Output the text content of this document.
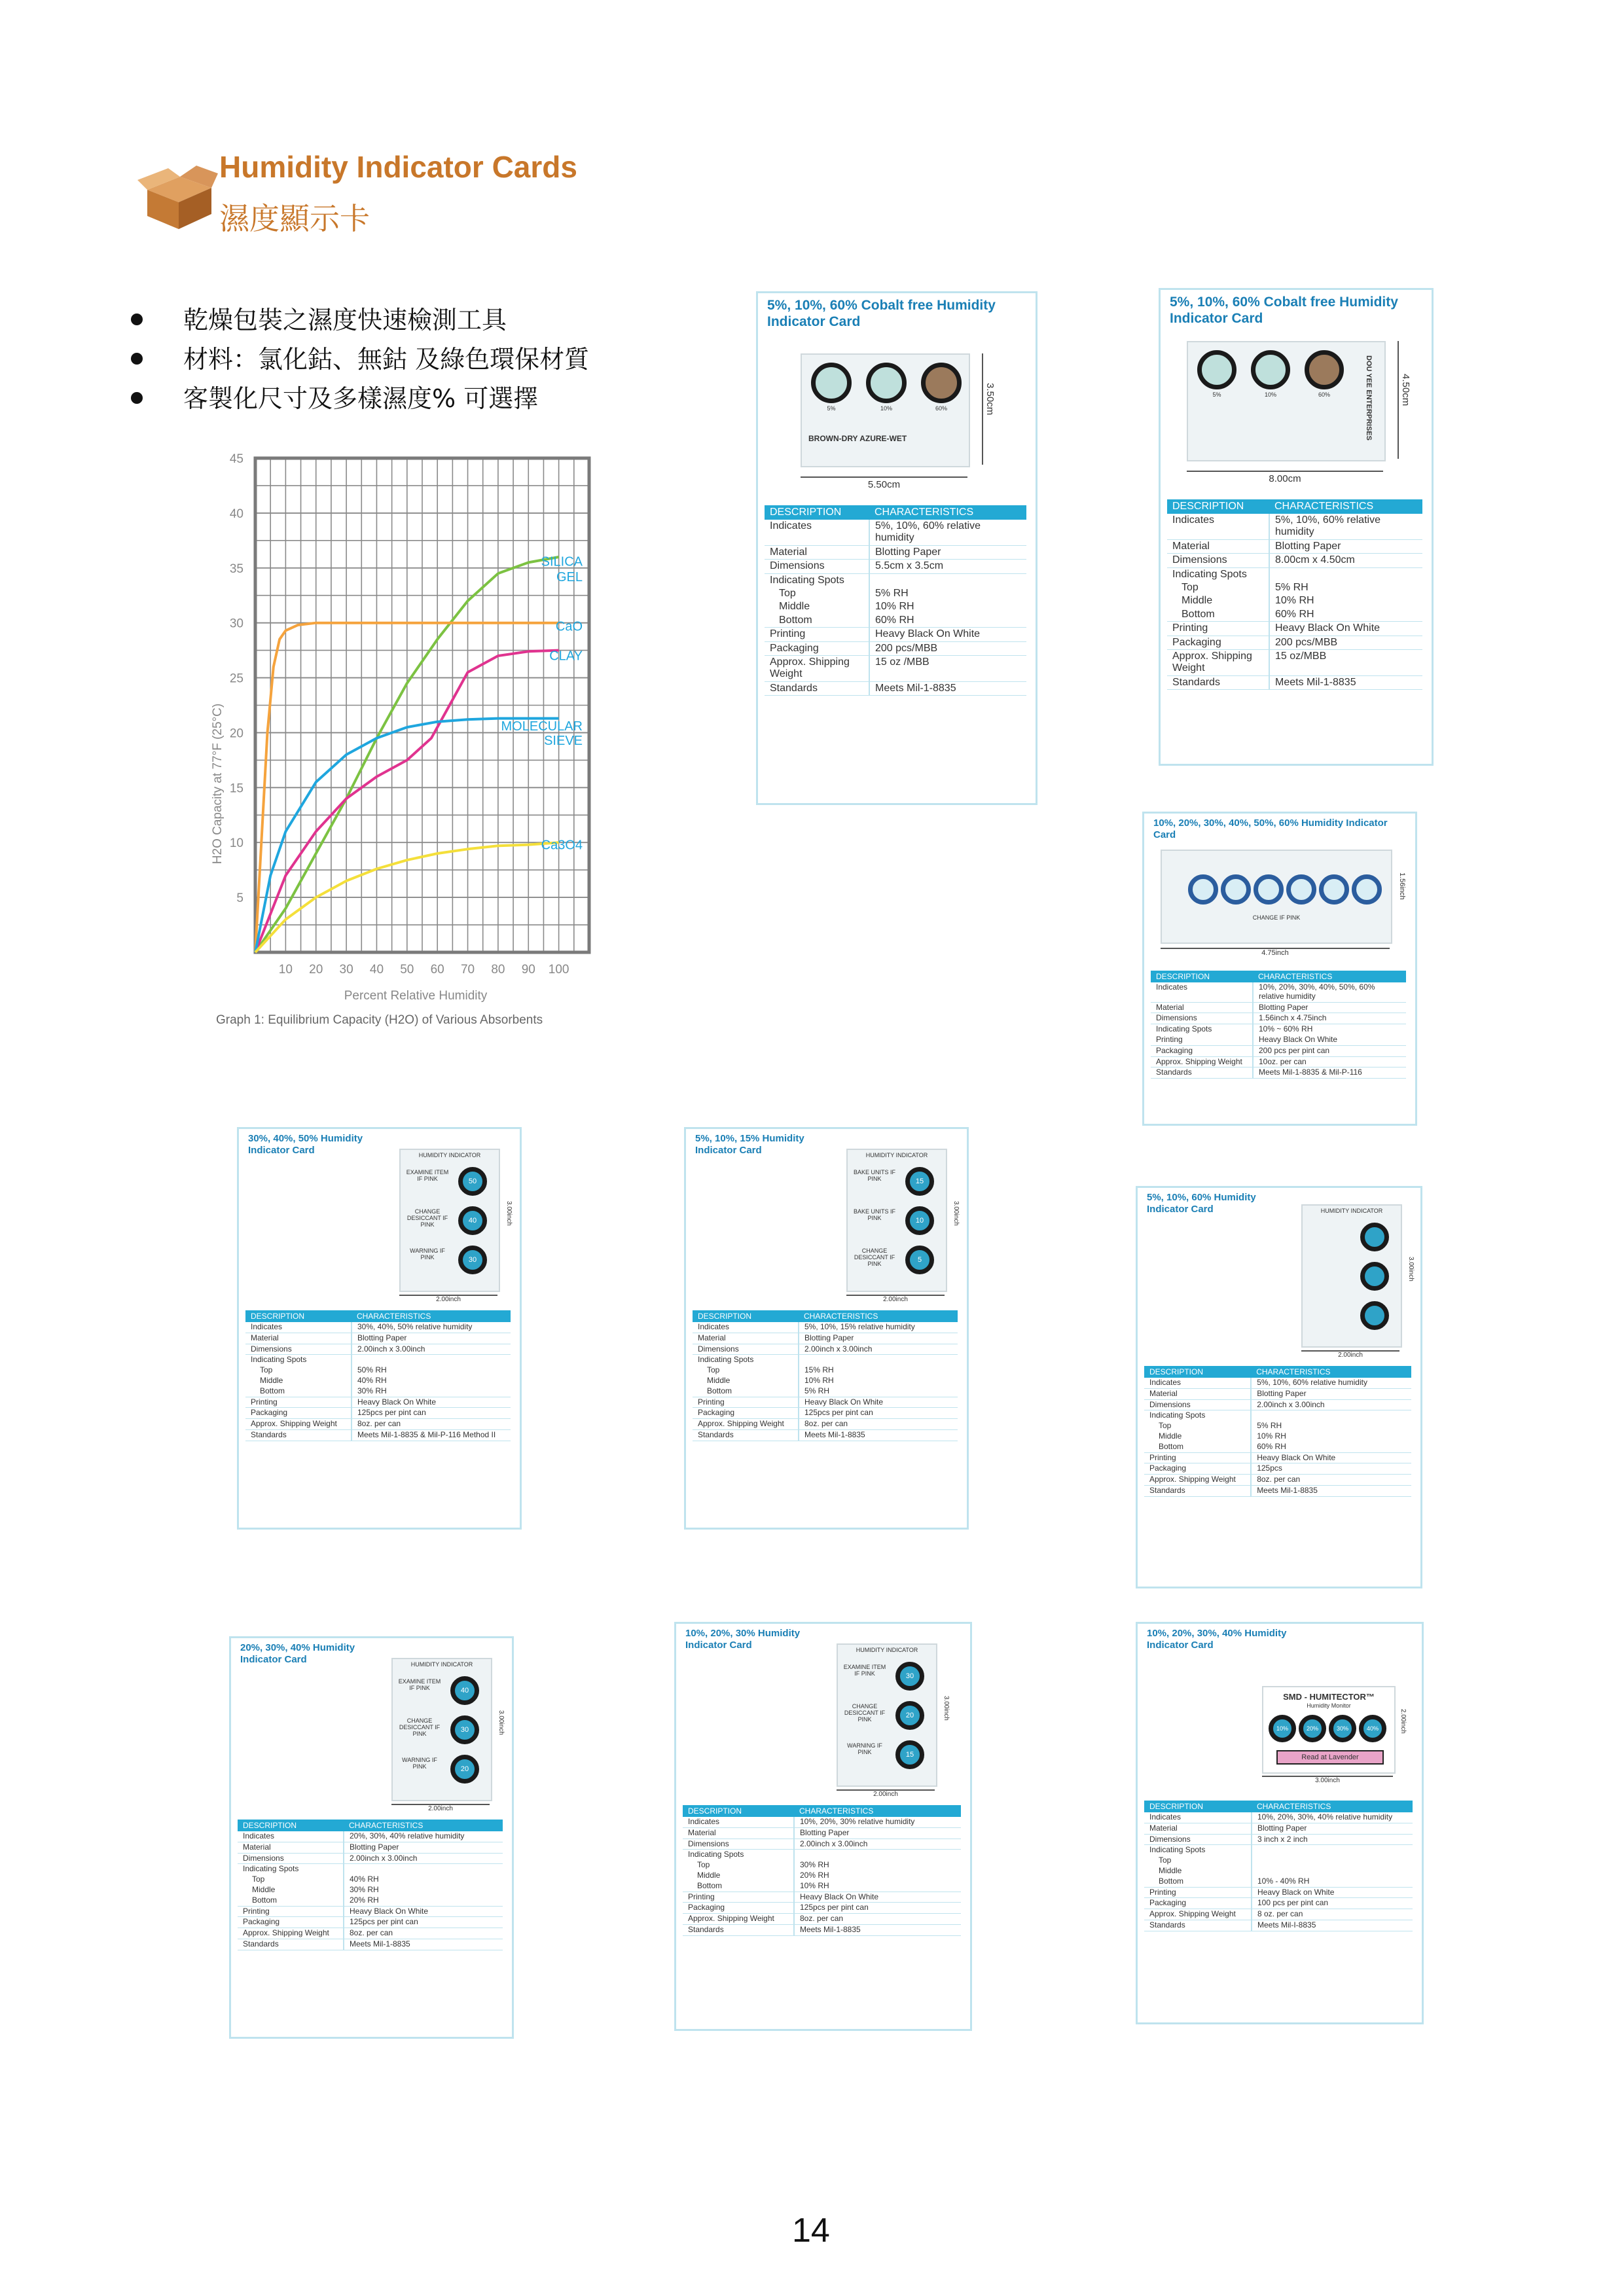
Humidity Indicator Cards
濕度顯示卡
乾燥包裝之濕度快速檢測工具
材料：氯化鈷、無鈷 及綠色環保材質
客製化尺寸及多樣濕度% 可選擇
5
10
15
20
25
30
35
40
45
10 20 30 40 50 60 70 80 90 100
Percent Relative Humidity
H2O Capacity at 77°F (25°C)
SILICA
GEL
CaO
CLAY
MOLECULAR
SIEVE
Ca3O4
Graph 1: Equilibrium Capacity (H2O) of Various Absorbents
5%, 10%, 60% Cobalt free Humidity Indicator Card
5%	10%	60%
BROWN-DRY AZURE-WET
5.50cm
3.50cm
DESCRIPTION	CHARACTERISTICS
Indicates	5%, 10%, 60% relative humidity
Material	Blotting Paper
Dimensions	5.5cm x 3.5cm
Indicating Spots	
Top	5% RH
Middle	10% RH
Bottom	60% RH
Printing	Heavy Black On White
Packaging	200 pcs/MBB
Approx. Shipping Weight	15 oz /MBB
Standards	Meets Mil-1-8835
5%, 10%, 60% Cobalt free Humidity Indicator Card
5%	10%	60%	DOU YEE ENTERPRISES
8.00cm
4.50cm
DESCRIPTION	CHARACTERISTICS
Indicates	5%, 10%, 60% relative humidity
Material	Blotting Paper
Dimensions	8.00cm x 4.50cm
Indicating Spots	
Top	5% RH
Middle	10% RH
Bottom	60% RH
Printing	Heavy Black On White
Packaging	200 pcs/MBB
Approx. Shipping Weight	15 oz/MBB
Standards	Meets Mil-1-8835
10%, 20%, 30%, 40%, 50%, 60% Humidity Indicator Card
CHANGE IF PINK
4.75inch
1.56inch
DESCRIPTION	CHARACTERISTICS
Indicates	10%, 20%, 30%, 40%, 50%, 60% relative humidity
Material	Blotting Paper
Dimensions	1.56inch x 4.75inch
Indicating Spots	10% ~ 60% RH
Printing	Heavy Black On White
Packaging	200 pcs per pint can
Approx. Shipping Weight	10oz. per can
Standards	Meets Mil-1-8835 & Mil-P-116
30%, 40%, 50% Humidity Indicator Card	HUMIDITY INDICATOR
50
EXAMINE ITEM IF PINK
40
CHANGE DESICCANT IF PINK
30
WARNING IF PINK
2.00inch
3.00inch
DESCRIPTION	CHARACTERISTICS
Indicates	30%, 40%, 50% relative humidity
Material	Blotting Paper
Dimensions	2.00inch x 3.00inch
Indicating Spots	
Top	50% RH
Middle	40% RH
Bottom	30% RH
Printing	Heavy Black On White
Packaging	125pcs per pint can
Approx. Shipping Weight	8oz. per can
Standards	Meets Mil-1-8835 & Mil-P-116 Method II
5%, 10%, 15% Humidity Indicator Card	HUMIDITY INDICATOR
15
BAKE UNITS IF PINK
10
BAKE UNITS IF PINK
5
CHANGE DESICCANT IF PINK
2.00inch
3.00inch
DESCRIPTION	CHARACTERISTICS
Indicates	5%, 10%, 15% relative humidity
Material	Blotting Paper
Dimensions	2.00inch x 3.00inch
Indicating Spots	
Top	15% RH
Middle	10% RH
Bottom	5% RH
Printing	Heavy Black On White
Packaging	125pcs per pint can
Approx. Shipping Weight	8oz. per can
Standards	Meets Mil-1-8835
5%, 10%, 60% Humidity Indicator Card	HUMIDITY INDICATOR
2.00inch
3.00inch
DESCRIPTION	CHARACTERISTICS
Indicates	5%, 10%, 60% relative humidity
Material	Blotting Paper
Dimensions	2.00inch x 3.00inch
Indicating Spots	
Top	5% RH
Middle	10% RH
Bottom	60% RH
Printing	Heavy Black On White
Packaging	125pcs
Approx. Shipping Weight	8oz. per can
Standards	Meets Mil-1-8835
20%, 30%, 40% Humidity Indicator Card	HUMIDITY INDICATOR
40
EXAMINE ITEM IF PINK
30
CHANGE DESICCANT IF PINK
20
WARNING IF PINK
2.00inch
3.00inch
DESCRIPTION	CHARACTERISTICS
Indicates	20%, 30%, 40% relative humidity
Material	Blotting Paper
Dimensions	2.00inch x 3.00inch
Indicating Spots	
Top	40% RH
Middle	30% RH
Bottom	20% RH
Printing	Heavy Black On White
Packaging	125pcs per pint can
Approx. Shipping Weight	8oz. per can
Standards	Meets Mil-1-8835
10%, 20%, 30% Humidity Indicator Card	HUMIDITY INDICATOR
30
EXAMINE ITEM IF PINK
20
CHANGE DESICCANT IF PINK
15
WARNING IF PINK
2.00inch
3.00inch
DESCRIPTION	CHARACTERISTICS
Indicates	10%, 20%, 30% relative humidity
Material	Blotting Paper
Dimensions	2.00inch x 3.00inch
Indicating Spots	
Top	30% RH
Middle	20% RH
Bottom	10% RH
Printing	Heavy Black On White
Packaging	125pcs per pint can
Approx. Shipping Weight	8oz. per can
Standards	Meets Mil-1-8835
10%, 20%, 30%, 40% Humidity Indicator Card
SMD - HUMITECTOR™
Humidity Monitor
10%	20%	30%	40%
Read at Lavender
3.00inch
2.00inch
DESCRIPTION	CHARACTERISTICS
Indicates	10%, 20%, 30%, 40% relative humidity
Material	Blotting Paper
Dimensions	3 inch x 2 inch
Indicating Spots	
Top	
Middle	
Bottom	10% - 40% RH
Printing	Heavy Black on White
Packaging	100 pcs per pint can
Approx. Shipping Weight	8 oz. per can
Standards	Meets Mil-I-8835
14
